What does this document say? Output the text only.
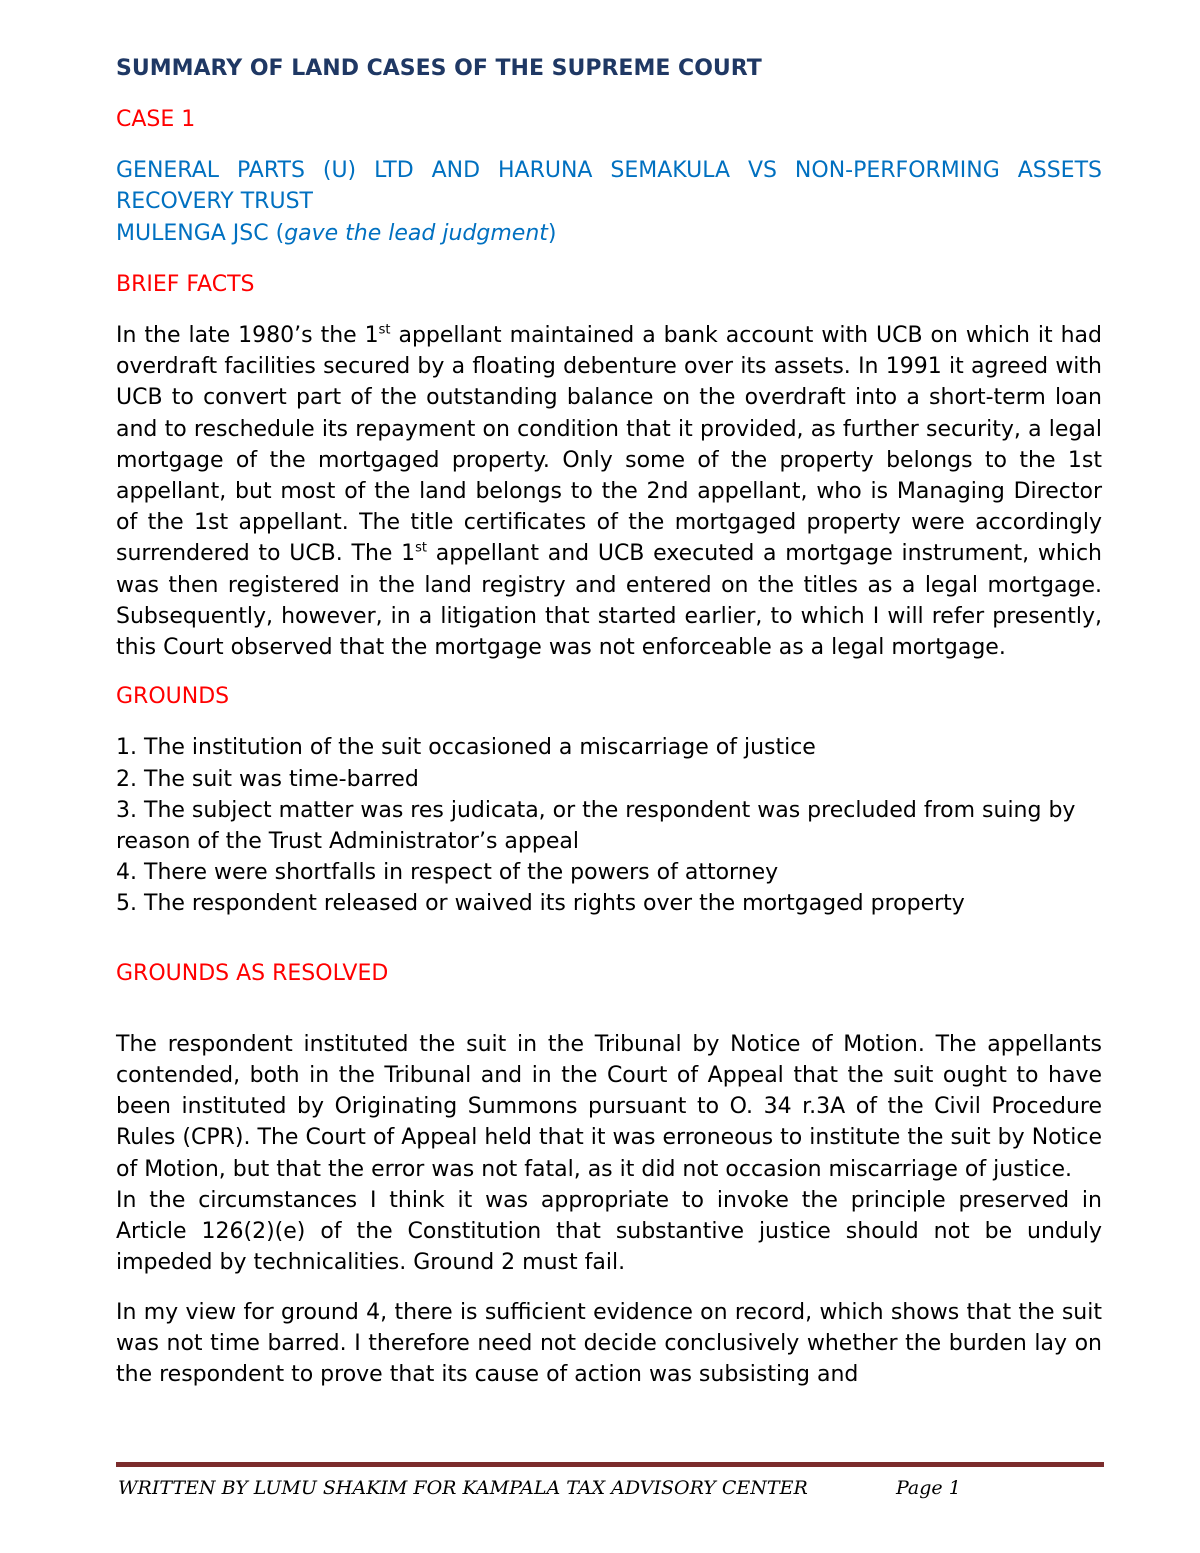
SUMMARY OF LAND CASES OF THE SUPREME COURT
CASE 1
GENERAL PARTS (U) LTD AND HARUNA SEMAKULA VS NON-PERFORMING ASSETS RECOVERY TRUST
MULENGA JSC (gave the lead judgment)
BRIEF FACTS
In the late 1980’s the 1st appellant maintained a bank account with UCB on which it had overdraft facilities secured by a floating debenture over its assets. In 1991 it agreed with UCB to convert part of the outstanding balance on the overdraft into a short-term loan and to reschedule its repayment on condition that it provided, as further security, a legal mortgage of the mortgaged property. Only some of the property belongs to the 1st appellant, but most of the land belongs to the 2nd appellant, who is Managing Director of the 1st appellant. The title certificates of the mortgaged property were accordingly surrendered to UCB. The 1st appellant and UCB executed a mortgage instrument, which was then registered in the land registry and entered on the titles as a legal mortgage. Subsequently, however, in a litigation that started earlier, to which I will refer presently, this Court observed that the mortgage was not enforceable as a legal mortgage.
GROUNDS
1. The institution of the suit occasioned a miscarriage of justice
2. The suit was time-barred
3. The subject matter was res judicata, or the respondent was precluded from suing by reason of the Trust Administrator’s appeal
4. There were shortfalls in respect of the powers of attorney
5. The respondent released or waived its rights over the mortgaged property
GROUNDS AS RESOLVED
The respondent instituted the suit in the Tribunal by Notice of Motion. The appellants contended, both in the Tribunal and in the Court of Appeal that the suit ought to have been instituted by Originating Summons pursuant to O. 34 r.3A of the Civil Procedure Rules (CPR). The Court of Appeal held that it was erroneous to institute the suit by Notice of Motion, but that the error was not fatal, as it did not occasion miscarriage of justice.
In the circumstances I think it was appropriate to invoke the principle preserved in Article 126(2)(e) of the Constitution that substantive justice should not be unduly impeded by technicalities. Ground 2 must fail.
In my view for ground 4, there is sufficient evidence on record, which shows that the suit was not time barred. I therefore need not decide conclusively whether the burden lay on the respondent to prove that its cause of action was subsisting and
WRITTEN BY LUMU SHAKIM FOR KAMPALA TAX ADVISORY CENTER	Page 1
